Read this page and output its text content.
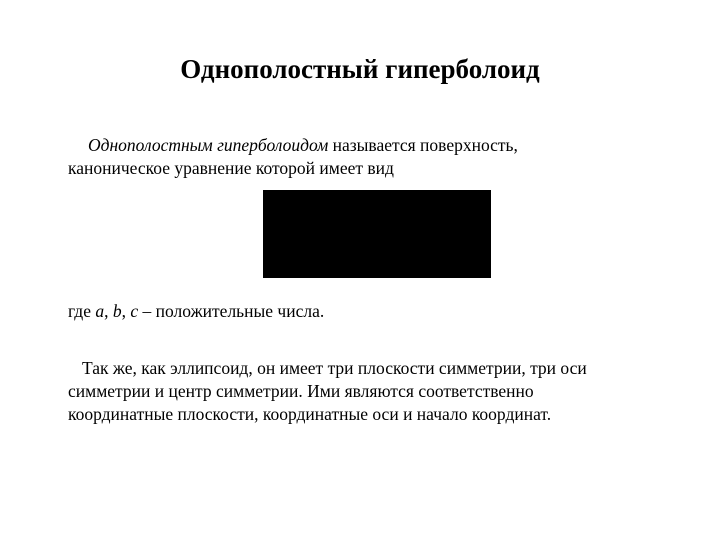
Однополостный гиперболоид
Однополостным гиперболоидом называется поверхность,
каноническое уравнение которой имеет вид
где a, b, c – положительные числа.
Так же, как эллипсоид, он имеет три плоскости симметрии, три оси
симметрии и центр симметрии. Ими являются соответственно
координатные плоскости, координатные оси и начало координат.
